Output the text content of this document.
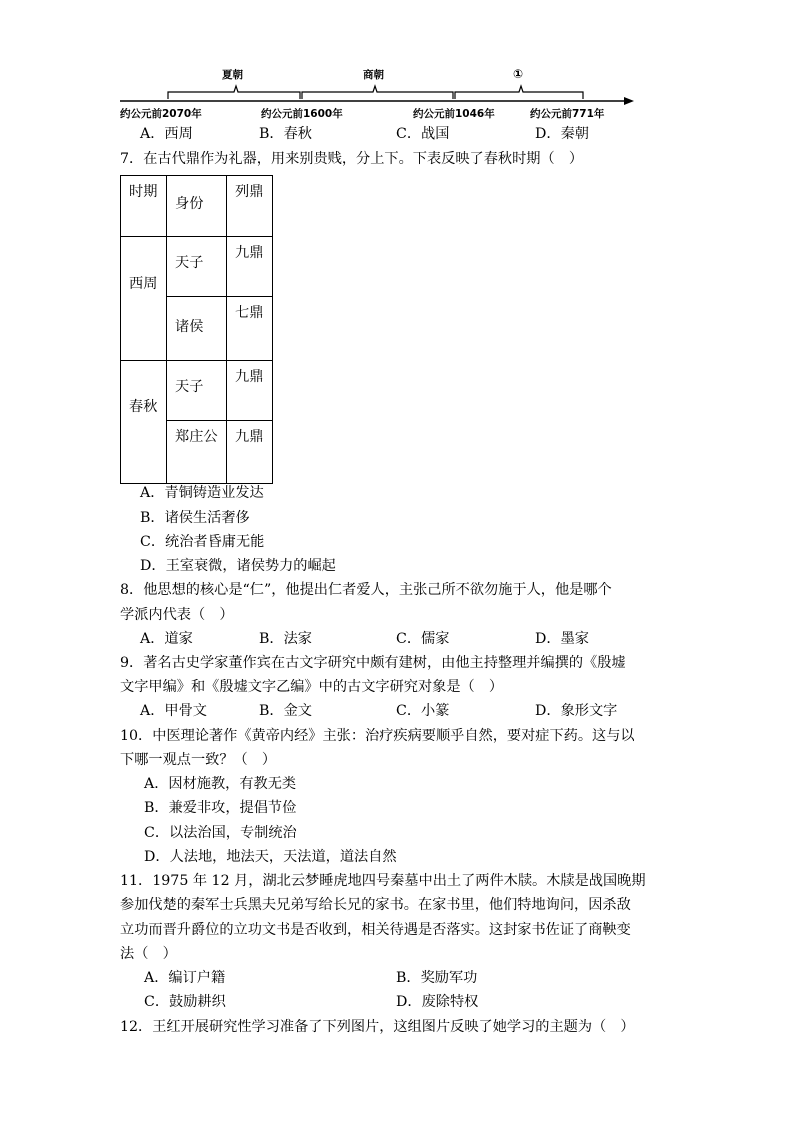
夏朝	商朝	①
约公元前2070年	约公元前1600年	约公元前1046年	约公元前771年
A．西周	B．春秋	C．战国	D．秦朝
7．在古代鼎作为礼器，用来别贵贱，分上下。下表反映了春秋时期（　）
时期	身份	列鼎
西周	天子	九鼎
	诸侯	七鼎
春秋	天子	九鼎
	郑庄公	九鼎
A．青铜铸造业发达
B．诸侯生活奢侈
C．统治者昏庸无能
D．王室衰微，诸侯势力的崛起
8．他思想的核心是“仁”，他提出仁者爱人，主张己所不欲勿施于人，他是哪个
学派内代表（　）
A．道家	B．法家	C．儒家	D．墨家
9．著名古史学家董作宾在古文字研究中颇有建树，由他主持整理并编撰的《殷墟
文字甲编》和《殷墟文字乙编》中的古文字研究对象是（　）
A．甲骨文	B．金文	C．小篆	D．象形文字
10．中医理论著作《黄帝内经》主张：治疗疾病要顺乎自然，要对症下药。这与以
下哪一观点一致？（　）
A．因材施教，有教无类
B．兼爱非攻，提倡节俭
C．以法治国，专制统治
D．人法地，地法天，天法道，道法自然
11．1975 年 12 月，湖北云梦睡虎地四号秦墓中出土了两件木牍。木牍是战国晚期
参加伐楚的秦军士兵黑夫兄弟写给长兄的家书。在家书里，他们特地询问，因杀敌
立功而晋升爵位的立功文书是否收到，相关待遇是否落实。这封家书佐证了商鞅变
法（　）
A．编订户籍	B．奖励军功
C．鼓励耕织	D．废除特权
12．王红开展研究性学习准备了下列图片，这组图片反映了她学习的主题为（　）
